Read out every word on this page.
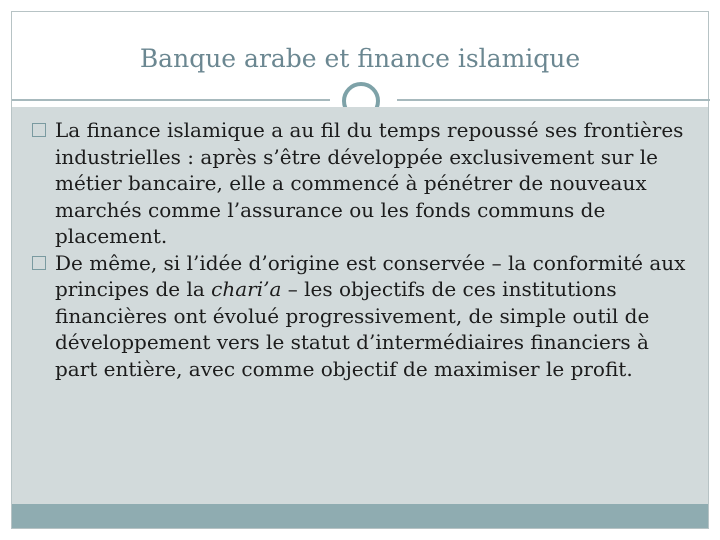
Banque arabe et finance islamique
La finance islamique a au fil du temps repoussé ses frontières industrielles : après s’être développée exclusivement sur le métier bancaire, elle a commencé à pénétrer de nouveaux marchés comme l’assurance ou les fonds communs de placement.
De même, si l’idée d’origine est conservée – la conformité aux principes de la chari’a – les objectifs de ces institutions financières ont évolué progressivement, de simple outil de développement vers le statut d’intermédiaires financiers à part entière, avec comme objectif de maximiser le profit.
